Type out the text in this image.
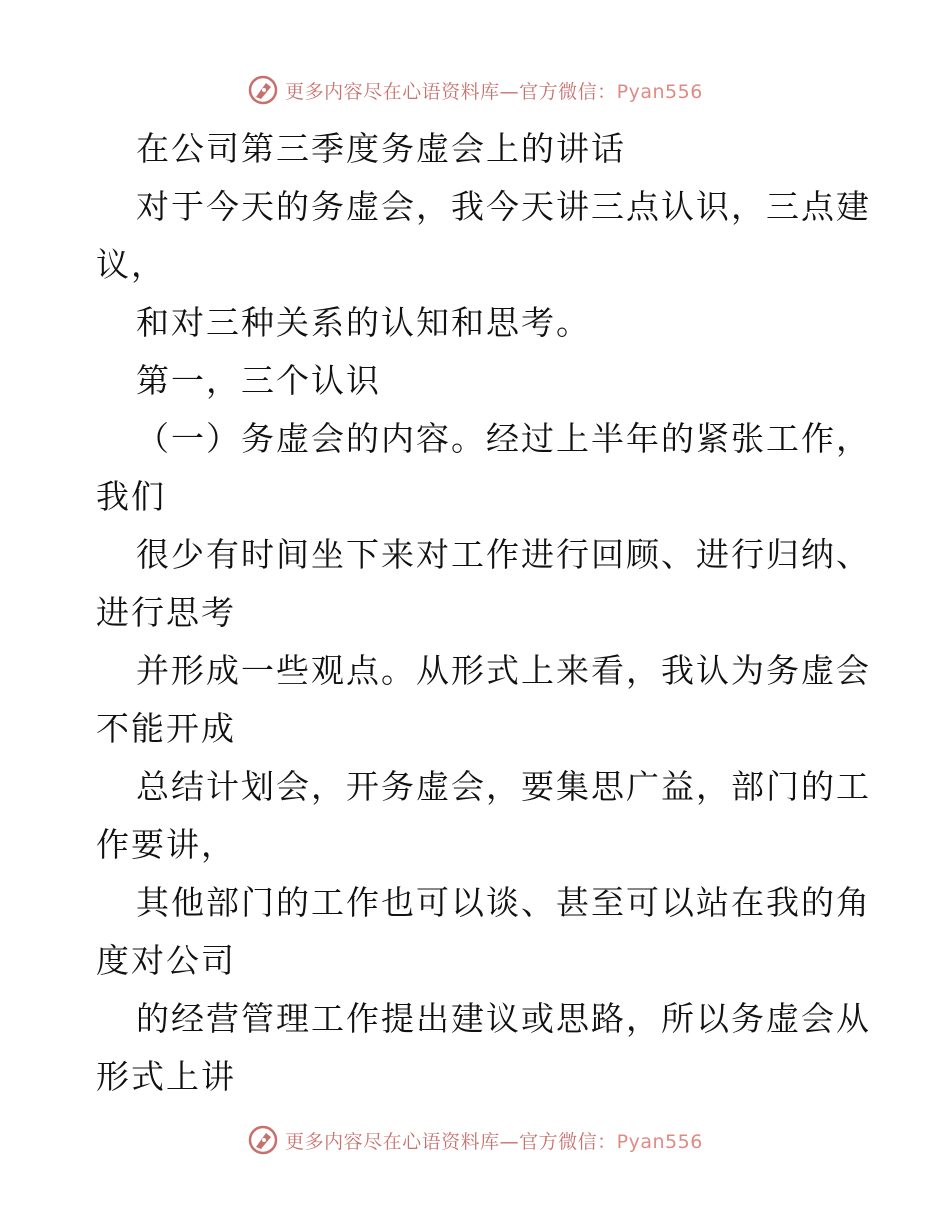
更多内容尽在心语资料库—官方微信：Pyan556
在公司第三季度务虚会上的讲话
对于今天的务虚会，我今天讲三点认识，三点建
议，
和对三种关系的认知和思考。
第一，三个认识
（一）务虚会的内容。经过上半年的紧张工作，
我们
很少有时间坐下来对工作进行回顾、进行归纳、
进行思考
并形成一些观点。从形式上来看，我认为务虚会
不能开成
总结计划会，开务虚会，要集思广益，部门的工
作要讲，
其他部门的工作也可以谈、甚至可以站在我的角
度对公司
的经营管理工作提出建议或思路，所以务虚会从
形式上讲
更多内容尽在心语资料库—官方微信：Pyan556
